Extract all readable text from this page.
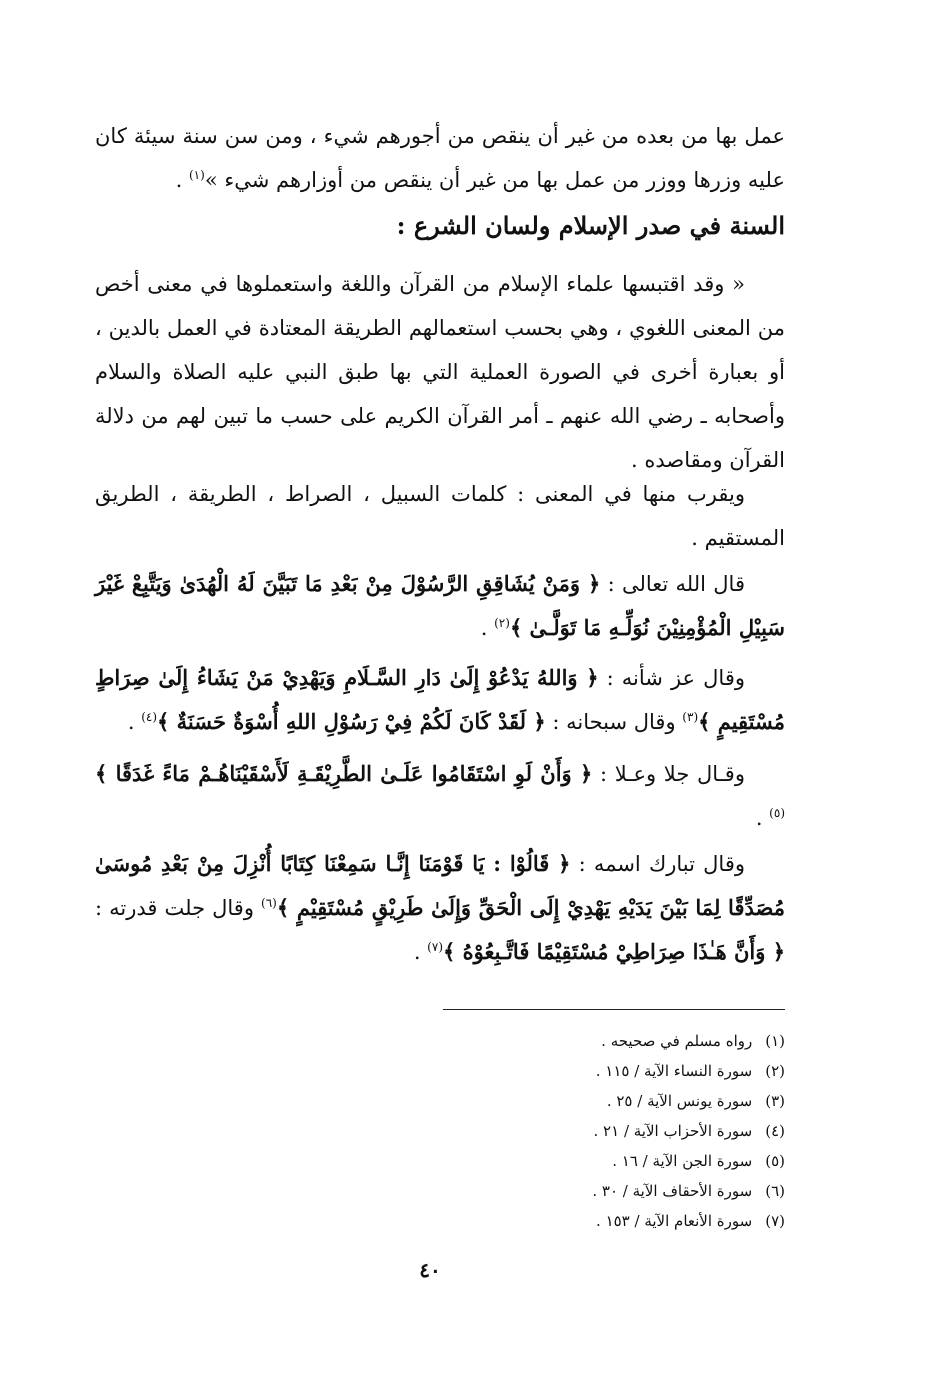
عمل بها من بعده من غير أن ينقص من أجورهم شيء ، ومن سن سنة سيئة كان عليه وزرها ووزر من عمل بها من غير أن ينقص من أوزارهم شيء »$^{(١)}$ .
السنة في صدر الإسلام ولسان الشرع :
« وقد اقتبسها علماء الإسلام من القرآن واللغة واستعملوها في معنى أخص من المعنى اللغوي ، وهي بحسب استعمالهم الطريقة المعتادة في العمل بالدين ، أو بعبارة أخرى في الصورة العملية التي بها طبق النبي عليه الصلاة والسلام وأصحابه ـ رضي الله عنهم ـ أمر القرآن الكريم على حسب ما تبين لهم من دلالة القرآن ومقاصده .
ويقرب منها في المعنى : كلمات السبيل ، الصراط ، الطريقة ، الطريق المستقيم .
قال الله تعالى : ﴿ وَمَنْ يُشَاقِقِ الرَّسُوْلَ مِنْ بَعْدِ مَا تَبَيَّنَ لَهُ الْهُدَىٰ وَيَتَّبِعْ غَيْرَ سَبِيْلِ الْمُؤْمِنِيْنَ نُوَلِّـهِ مَا تَوَلَّـىٰ ﴾$^{(٢)}$ .
وقال عز شأنه : ﴿ وَاللهُ يَدْعُوْ إِلَىٰ دَارِ السَّـلَامِ وَيَهْدِيْ مَنْ يَشَاءُ إِلَىٰ صِرَاطٍ مُسْتَقِيمٍ ﴾$^{(٣)}$ وقال سبحانه : ﴿ لَقَدْ كَانَ لَكُمْ فِيْ رَسُوْلِ اللهِ أُسْوَةٌ حَسَنَةٌ ﴾$^{(٤)}$ .
وقـال جلا وعـلا : ﴿ وَأَنْ لَوِ اسْتَقَامُوا عَلَـىٰ الطَّرِيْقَـةِ لَأَسْقَيْنَاهُـمْ مَاءً غَدَقًا ﴾$^{(٥)}$ .
وقال تبارك اسمه : ﴿ قَالُوْا : يَا قَوْمَنَا إِنَّـا سَمِعْنَا كِتَابًا أُنْزِلَ مِنْ بَعْدِ مُوسَىٰ مُصَدِّقًا لِمَا بَيْنَ يَدَيْهِ يَهْدِيْ إِلَى الْحَقِّ وَإِلَىٰ طَرِيْقٍ مُسْتَقِيْمٍ ﴾$^{(٦)}$ وقال جلت قدرته : ﴿ وَأَنَّ هَـٰذَا صِرَاطِيْ مُسْتَقِيْمًا فَاتَّـبِعُوْهُ ﴾$^{(٧)}$ .
(١) رواه مسلم في صحيحه .
(٢) سورة النساء الآية / ١١٥ .
(٣) سورة يونس الآية / ٢٥ .
(٤) سورة الأحزاب الآية / ٢١ .
(٥) سورة الجن الآية / ١٦ .
(٦) سورة الأحقاف الآية / ٣٠ .
(٧) سورة الأنعام الآية / ١٥٣ .
٤٠
